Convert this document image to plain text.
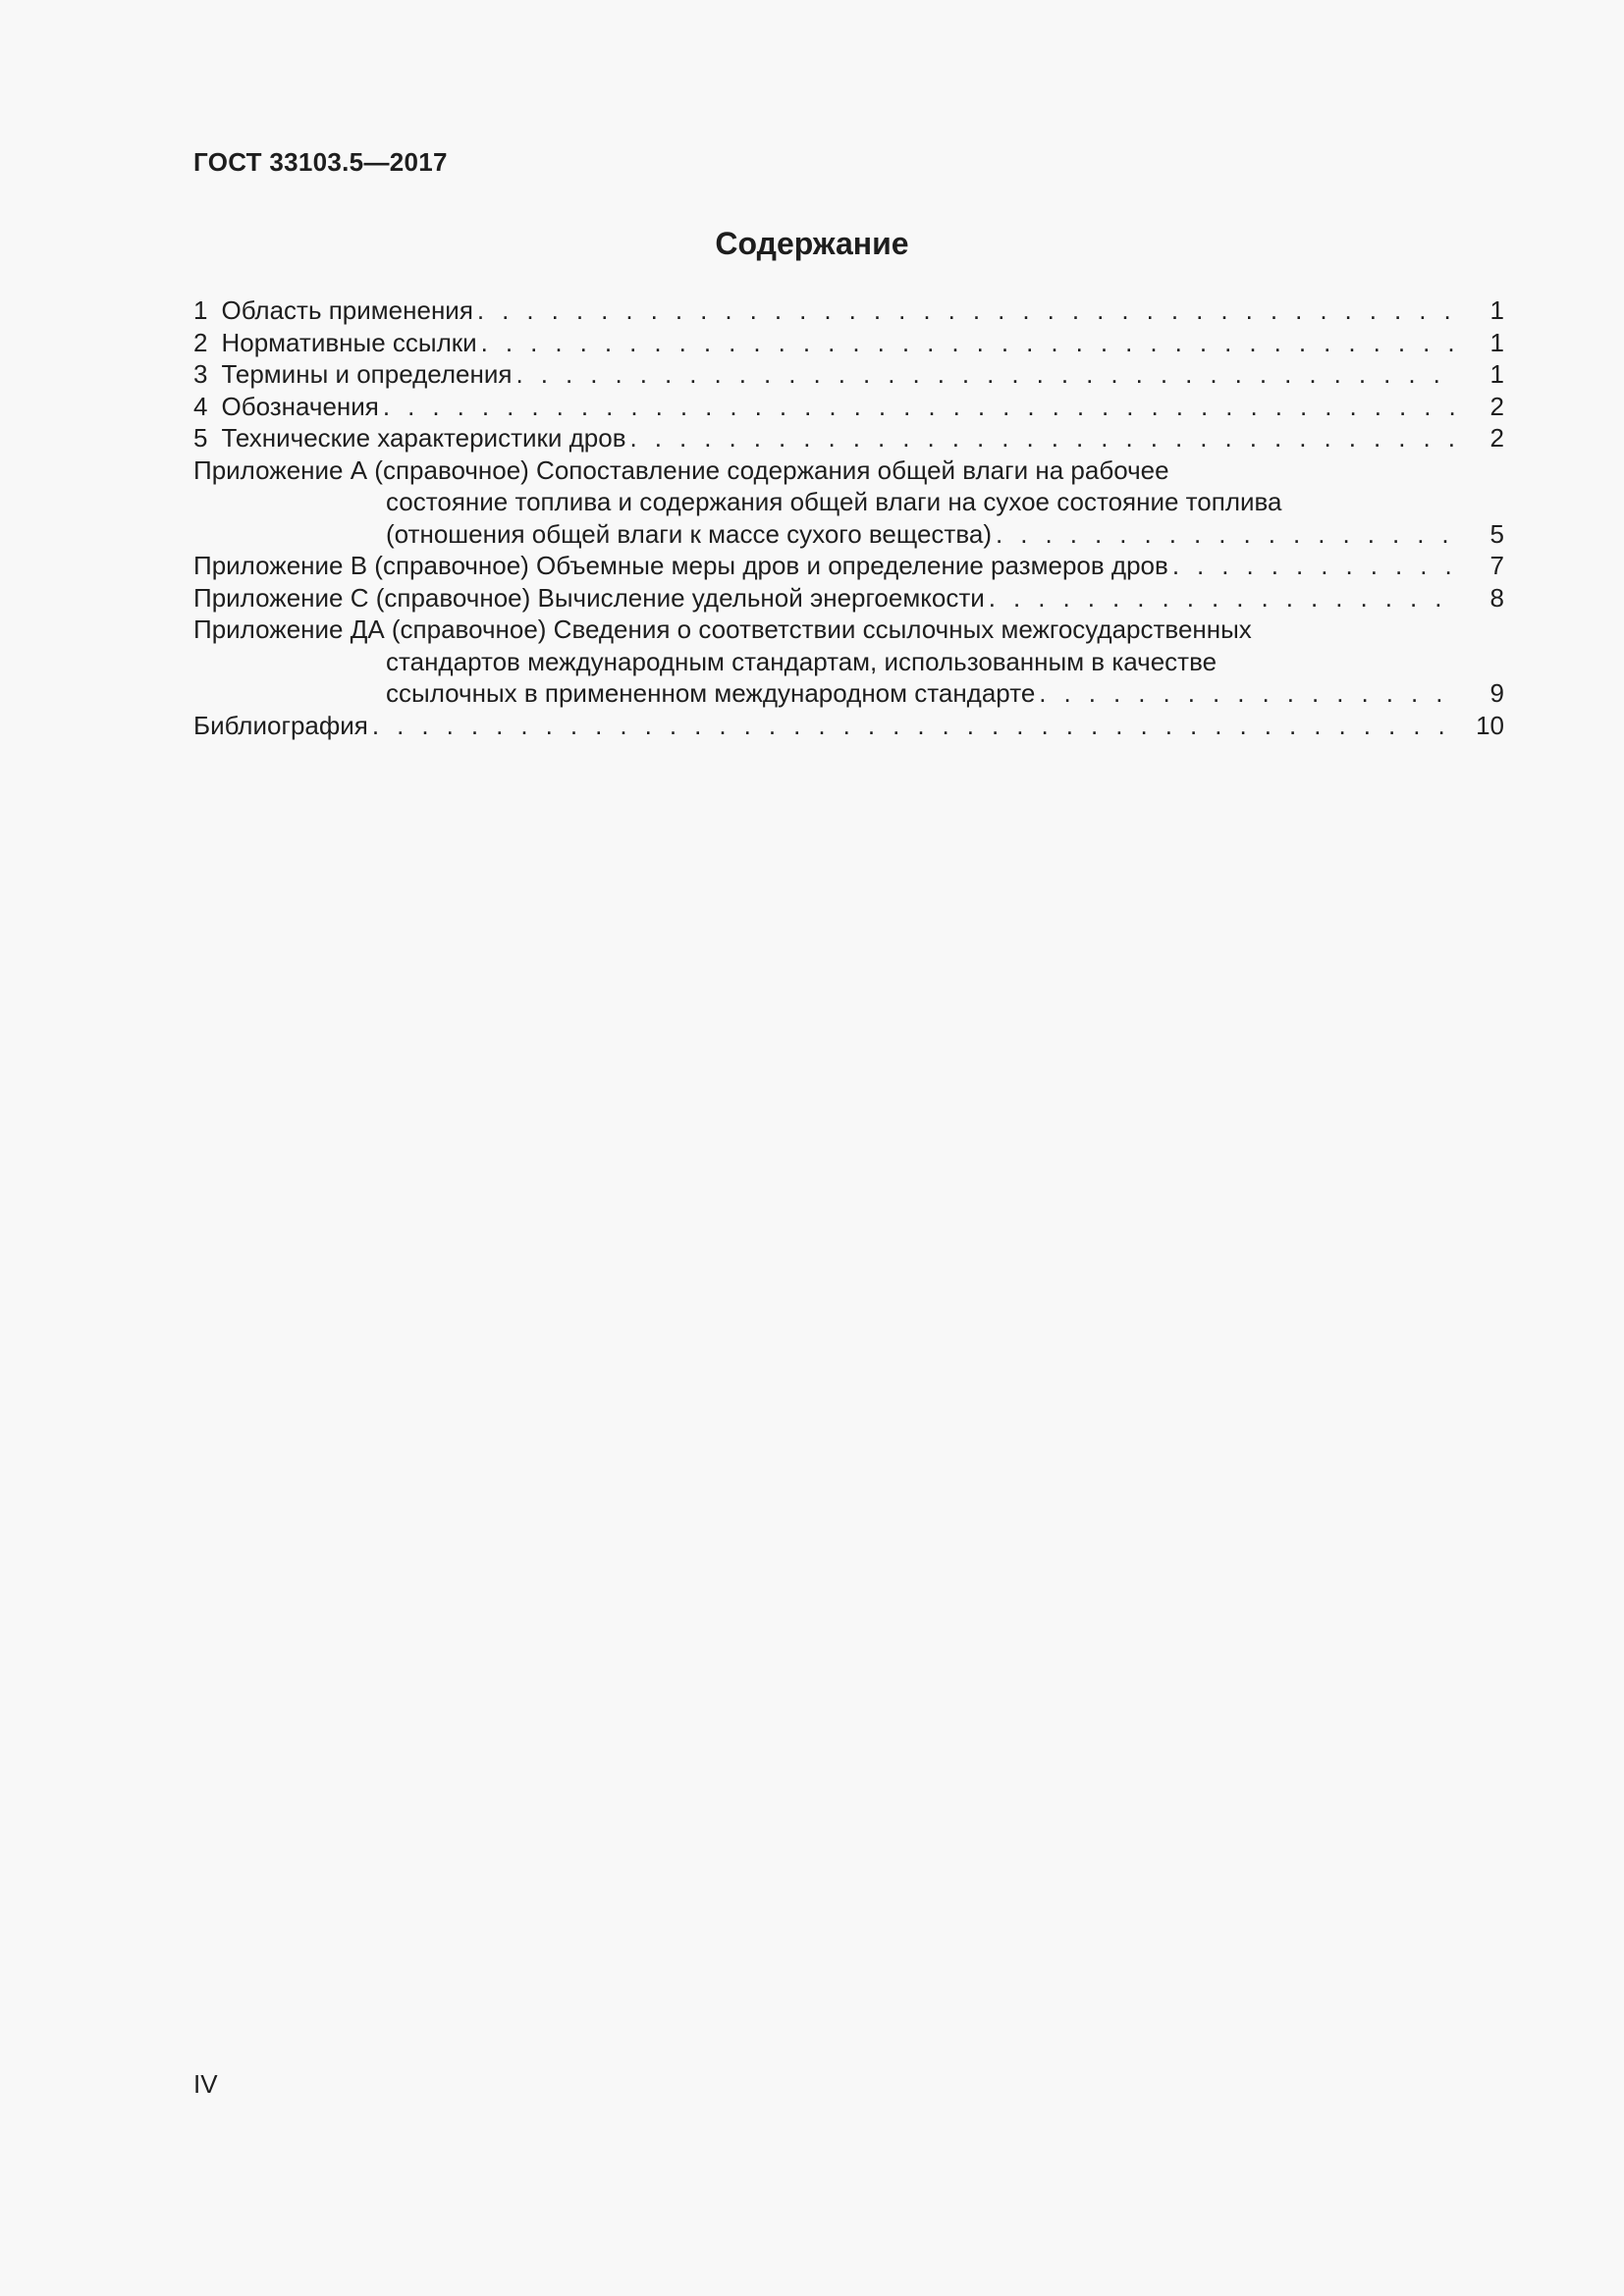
ГОСТ 33103.5—2017
Содержание
1 Область применения . . .	1
2 Нормативные ссылки . . .	1
3 Термины и определения . . .	1
4 Обозначения . . .	2
5 Технические характеристики дров . . .	2
Приложение А (справочное) Сопоставление содержания общей влаги на рабочее
состояние топлива и содержания общей влаги на сухое состояние топлива
(отношения общей влаги к массе сухого вещества) . . .	5
Приложение В (справочное) Объемные меры дров и определение размеров дров . . .	7
Приложение С (справочное) Вычисление удельной энергоемкости . . .	8
Приложение ДА (справочное) Сведения о соответствии ссылочных межгосударственных
стандартов международным стандартам, использованным в качестве
ссылочных в примененном международном стандарте . . .	9
Библиография . . .	10
IV
